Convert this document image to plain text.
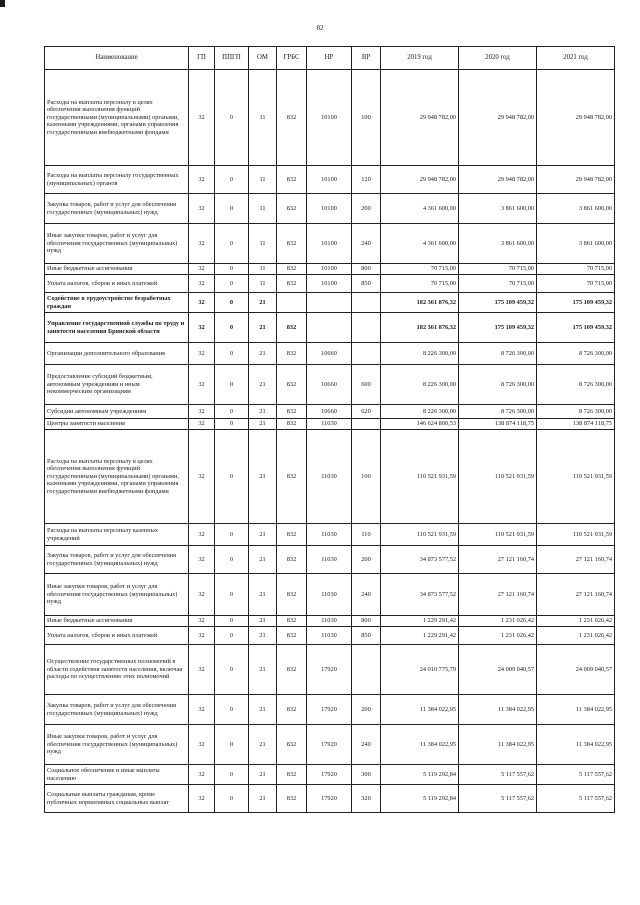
82
Наименование	ГП	ППГП	ОМ	ГРБС	НР	ВР	2019 год	2020 год	2021 год
Расходы на выплаты персоналу в целях обеспечения выполнения функций государственными (муниципальными) органами, казенными учреждениями, органами управления государственными внебюджетными фондами	32	0	11	832	10100	100	29 948 782,00	29 948 782,00	29 948 782,00
Расходы на выплаты персоналу государственных (муниципальных) органов	32	0	11	832	10100	120	29 948 782,00	29 948 782,00	29 948 782,00
Закупка товаров, работ и услуг для обеспечения государственных (муниципальных) нужд	32	0	11	832	10100	200	4 361 600,00	3 861 600,00	3 861 600,00
Иные закупки товаров, работ и услуг для обеспечения государственных (муниципальных) нужд	32	0	11	832	10100	240	4 361 600,00	3 861 600,00	3 861 600,00
Иные бюджетные ассигнования	32	0	11	832	10100	800	70 715,00	70 715,00	70 715,00
Уплата налогов, сборов и иных платежей	32	0	11	832	10100	850	70 715,00	70 715,00	70 715,00
Содействие в трудоустройстве безработных граждан	32	0	21				182 361 876,32	175 109 459,32	175 109 459,32
Управление государственной службы по труду и занятости населения Брянской области	32	0	21	832			182 361 876,32	175 109 459,32	175 109 459,32
Организации дополнительного образования	32	0	21	832	10660		8 226 300,00	8 726 300,00	8 726 300,00
Предоставление субсидий бюджетным, автономным учреждениям и иным некоммерческим организациям	32	0	21	832	10660	600	8 226 300,00	8 726 300,00	8 726 300,00
Субсидии автономным учреждениям	32	0	21	832	10660	620	8 226 300,00	8 726 300,00	8 726 300,00
Центры занятости населения	32	0	21	832	11030		146 624 800,53	138 874 118,75	138 874 118,75
Расходы на выплаты персоналу в целях обеспечения выполнения функций государственными (муниципальными) органами, казенными учреждениями, органами управления государственными внебюджетными фондами	32	0	21	832	11030	100	110 521 931,59	110 521 931,59	110 521 931,59
Расходы на выплаты персоналу казенных учреждений	32	0	21	832	11030	110	110 521 931,59	110 521 931,59	110 521 931,59
Закупка товаров, работ и услуг для обеспечения государственных (муниципальных) нужд	32	0	21	832	11030	200	34 873 577,52	27 121 160,74	27 121 160,74
Иные закупки товаров, работ и услуг для обеспечения государственных (муниципальных) нужд	32	0	21	832	11030	240	34 873 577,52	27 121 160,74	27 121 160,74
Иные бюджетные ассигнования	32	0	21	832	11030	800	1 229 291,42	1 231 026,42	1 231 026,42
Уплата налогов, сборов и иных платежей	32	0	21	832	11030	850	1 229 291,42	1 231 026,42	1 231 026,42
Осуществление государственных полномочий в области содействия занятости населения, включая расходы по осуществлению этих полномочий	32	0	21	832	17920		24 010 775,79	24 009 040,57	24 009 040,57
Закупка товаров, работ и услуг для обеспечения государственных (муниципальных) нужд	32	0	21	832	17920	200	11 384 022,95	11 384 022,95	11 384 022,95
Иные закупки товаров, работ и услуг для обеспечения государственных (муниципальных) нужд	32	0	21	832	17920	240	11 384 022,95	11 384 022,95	11 384 022,95
Социальное обеспечение и иные выплаты населению	32	0	21	832	17920	300	5 119 292,84	5 117 557,62	5 117 557,62
Социальные выплаты гражданам, кроме публичных нормативных социальных выплат	32	0	21	832	17920	320	5 119 292,84	5 117 557,62	5 117 557,62
